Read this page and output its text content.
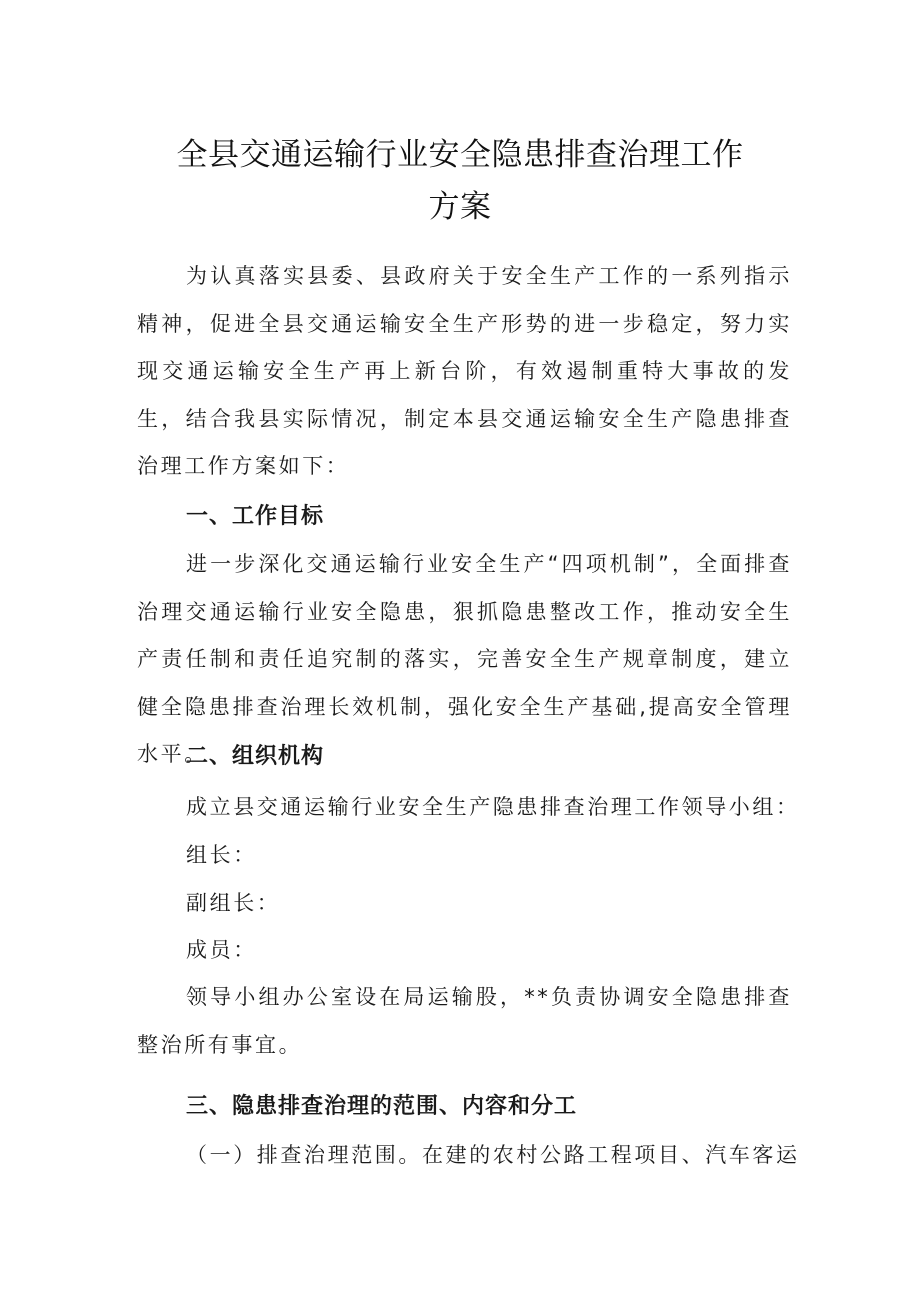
全县交通运输行业安全隐患排查治理工作
方案

为认真落实县委、县政府关于安全生产工作的一系列指示精神，促进全县交通运输安全生产形势的进一步稳定，努力实现交通运输安全生产再上新台阶，有效遏制重特大事故的发生，结合我县实际情况，制定本县交通运输安全生产隐患排查治理工作方案如下：

一、工作目标

进一步深化交通运输行业安全生产“四项机制”，全面排查治理交通运输行业安全隐患，狠抓隐患整改工作，推动安全生产责任制和责任追究制的落实，完善安全生产规章制度，建立健全隐患排查治理长效机制，强化安全生产基础,提高安全管理水平。

二、组织机构

成立县交通运输行业安全生产隐患排查治理工作领导小组：

组长：

副组长：

成员：

领导小组办公室设在局运输股，**负责协调安全隐患排查整治所有事宜。

三、隐患排查治理的范围、内容和分工

（一）排查治理范围。在建的农村公路工程项目、汽车客运
